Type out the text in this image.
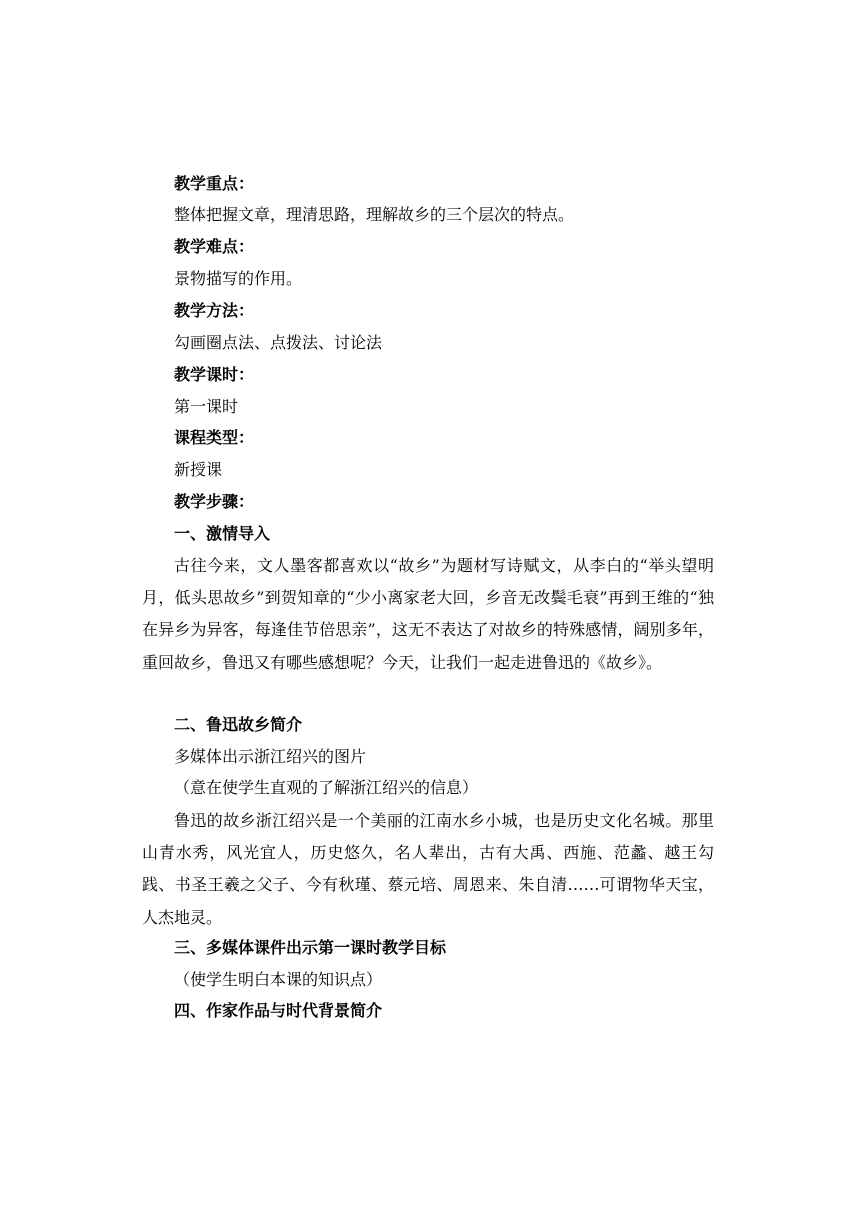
教学重点：
整体把握文章，理清思路，理解故乡的三个层次的特点。
教学难点：
景物描写的作用。
教学方法：
勾画圈点法、点拨法、讨论法
教学课时：
第一课时
课程类型：
新授课
教学步骤：
一、激情导入
古往今来，文人墨客都喜欢以“故乡”为题材写诗赋文，从李白的“举头望明月，低头思故乡”到贺知章的“少小离家老大回，乡音无改鬓毛衰”再到王维的“独在异乡为异客，每逢佳节倍思亲”，这无不表达了对故乡的特殊感情，阔别多年，重回故乡，鲁迅又有哪些感想呢？今天，让我们一起走进鲁迅的《故乡》。
二、鲁迅故乡简介
多媒体出示浙江绍兴的图片
（意在使学生直观的了解浙江绍兴的信息）
鲁迅的故乡浙江绍兴是一个美丽的江南水乡小城，也是历史文化名城。那里山青水秀，风光宜人，历史悠久，名人辈出，古有大禹、西施、范蠡、越王勾践、书圣王羲之父子、今有秋瑾、蔡元培、周恩来、朱自清……可谓物华天宝，人杰地灵。
三、多媒体课件出示第一课时教学目标
（使学生明白本课的知识点）
四、作家作品与时代背景简介
